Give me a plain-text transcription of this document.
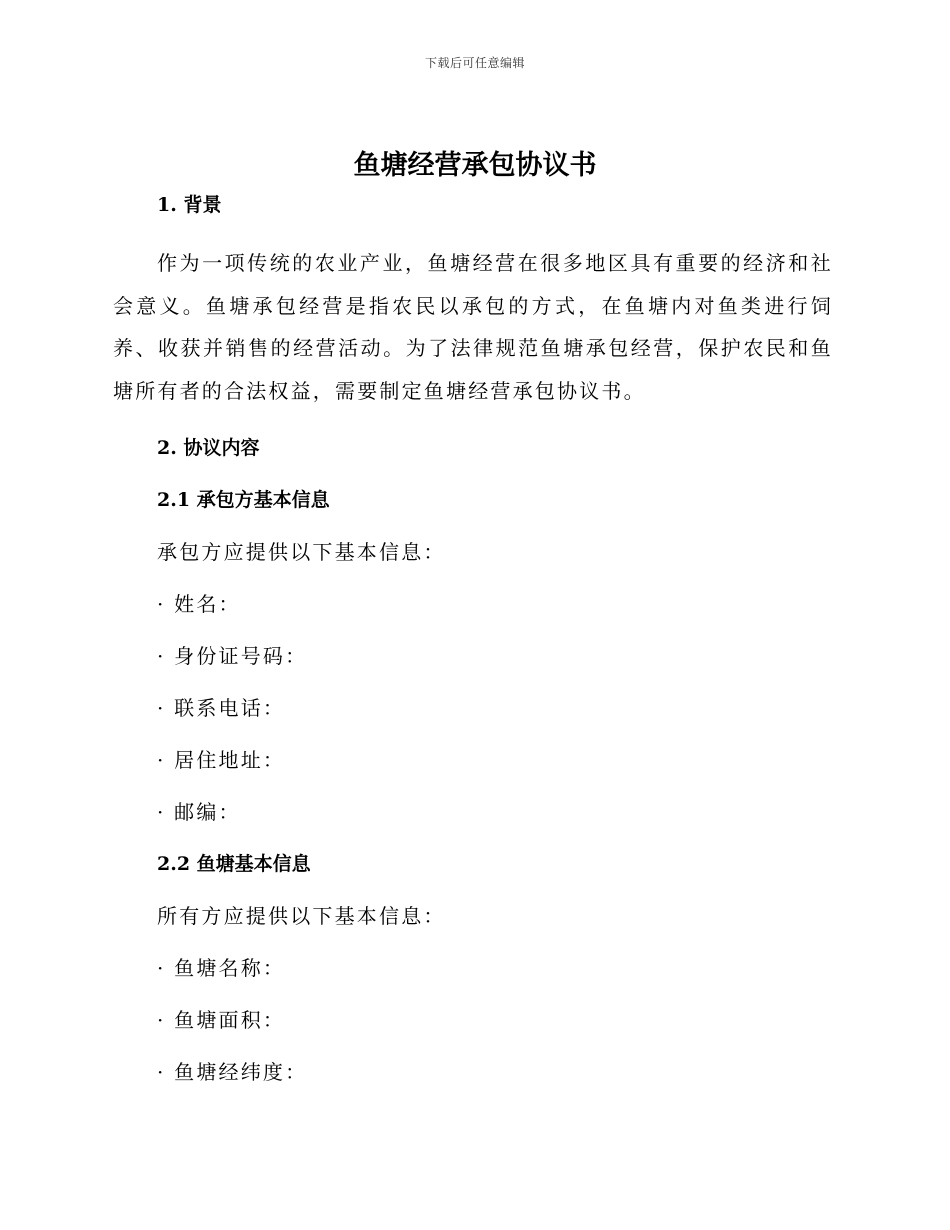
下载后可任意编辑
鱼塘经营承包协议书
1. 背景

作为一项传统的农业产业，鱼塘经营在很多地区具有重要的经济和社会意义。鱼塘承包经营是指农民以承包的方式，在鱼塘内对鱼类进行饲养、收获并销售的经营活动。为了法律规范鱼塘承包经营，保护农民和鱼塘所有者的合法权益，需要制定鱼塘经营承包协议书。

2. 协议内容
2.1 承包方基本信息
承包方应提供以下基本信息：
· 姓名：
· 身份证号码：
· 联系电话：
· 居住地址：
· 邮编：
2.2 鱼塘基本信息
所有方应提供以下基本信息：
· 鱼塘名称：
· 鱼塘面积：
· 鱼塘经纬度：
